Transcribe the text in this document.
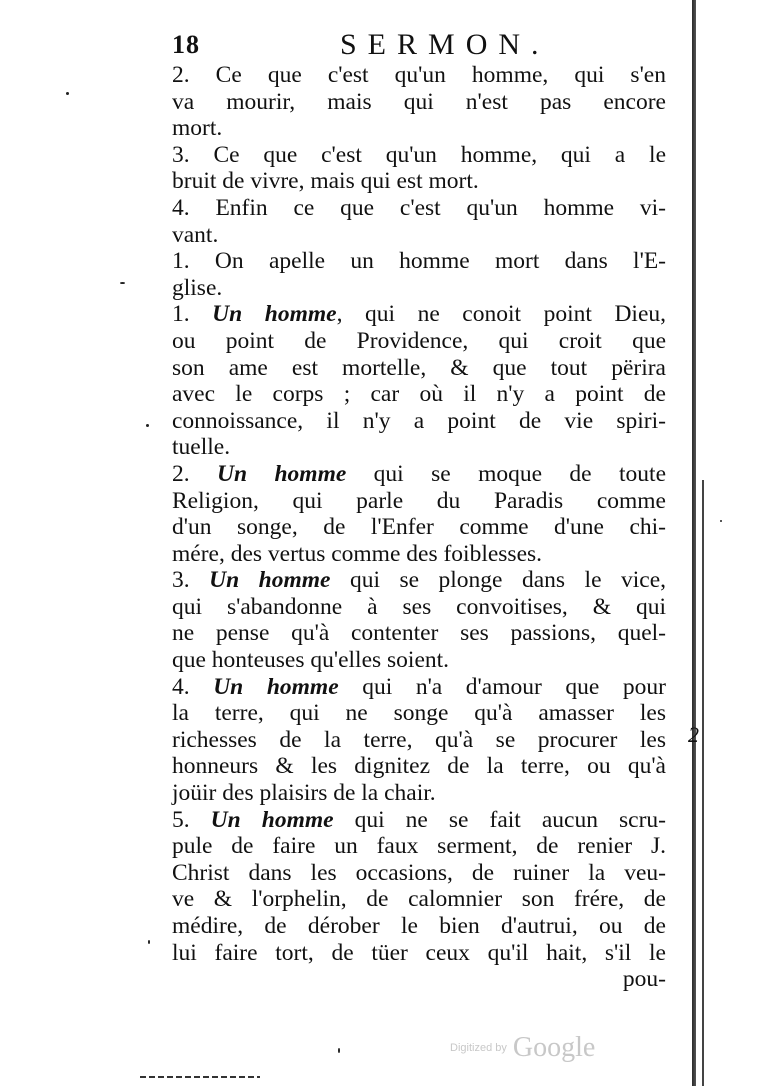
18	SERMON.
2. Ce que c'est qu'un homme, qui s'en
va mourir, mais qui n'est pas encore
mort.
3. Ce que c'est qu'un homme, qui a le
bruit de vivre, mais qui est mort.
4. Enfin ce que c'est qu'un homme vi-
vant.
1. On apelle un homme mort dans l'E-
glise.
1. Un homme, qui ne conoit point Dieu,
ou point de Providence, qui croit que
son ame est mortelle, & que tout përira
avec le corps ; car où il n'y a point de
connoissance, il n'y a point de vie spiri-
tuelle.
2. Un homme qui se moque de toute
Religion, qui parle du Paradis comme
d'un songe, de l'Enfer comme d'une chi-
mére, des vertus comme des foiblesses.
3. Un homme qui se plonge dans le vice,
qui s'abandonne à ses convoitises, & qui
ne pense qu'à contenter ses passions, quel-
que honteuses qu'elles soient.
4. Un homme qui n'a d'amour que pour
la terre, qui ne songe qu'à amasser les
richesses de la terre, qu'à se procurer les
honneurs & les dignitez de la terre, ou qu'à
joüir des plaisirs de la chair.
5. Un homme qui ne se fait aucun scru-
pule de faire un faux serment, de renier J.
Christ dans les occasions, de ruiner la veu-
ve & l'orphelin, de calomnier son frére, de
médire, de dérober le bien d'autrui, ou de
lui faire tort, de tüer ceux qu'il hait, s'il le
pou-
2
Digitized by Google
